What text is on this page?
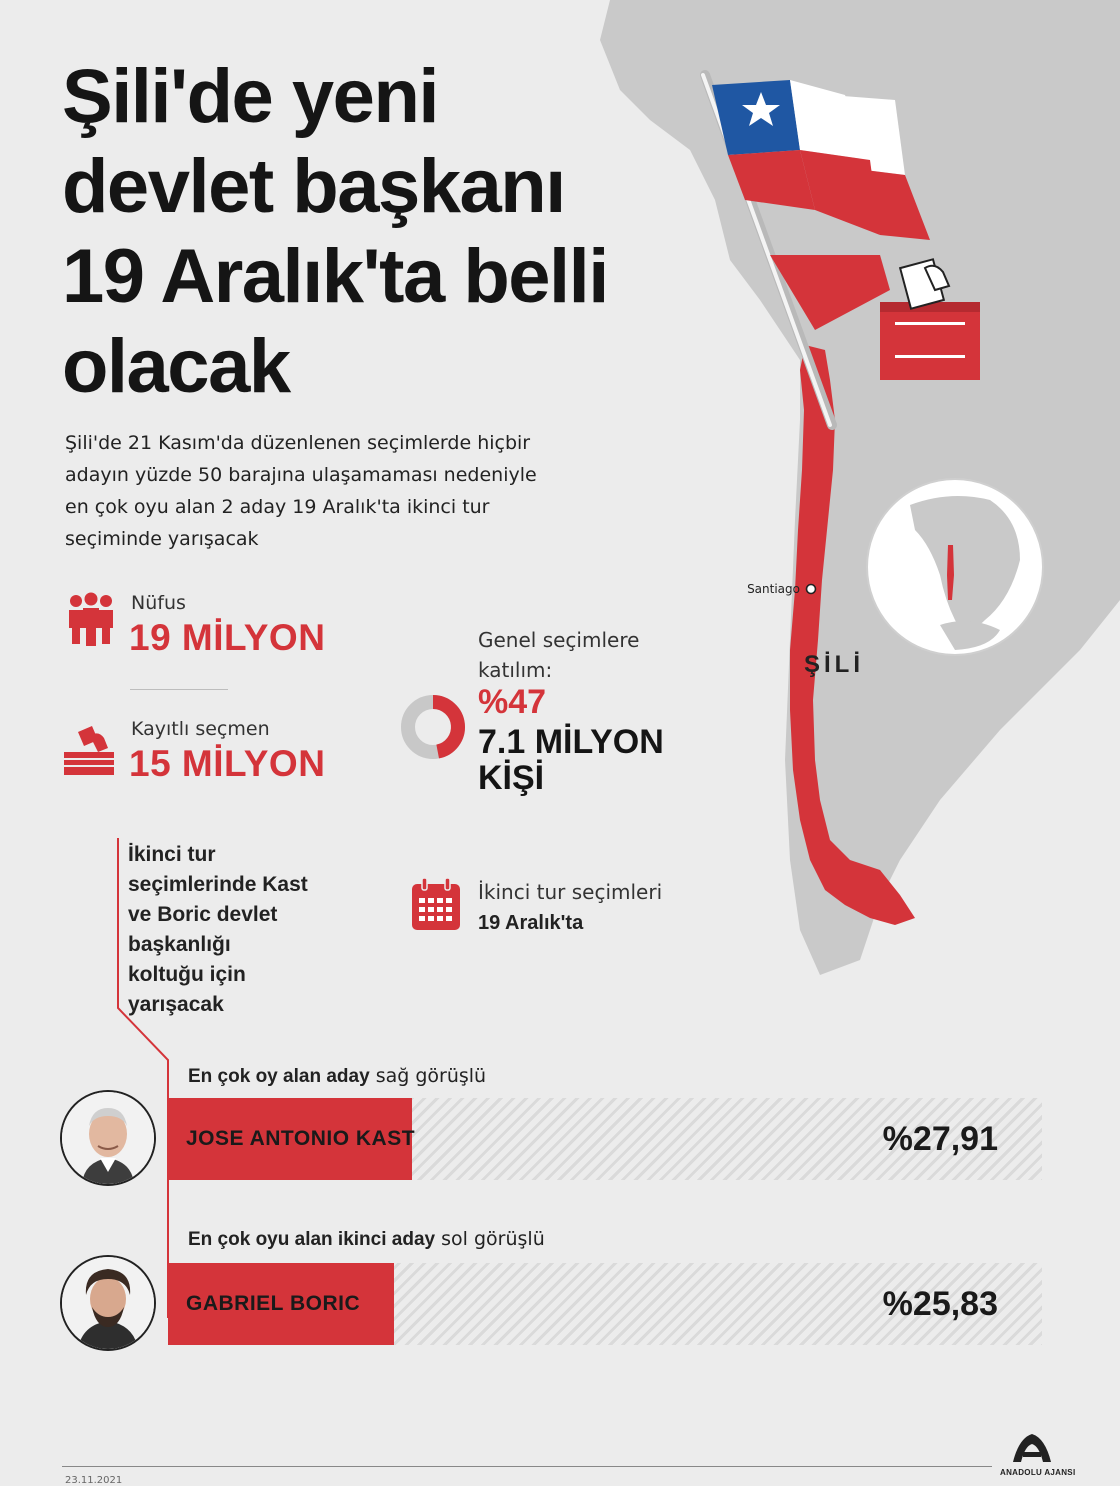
Santiago
ŞİLİ
Şili'de yeni
devlet başkanı
19 Aralık'ta belli
olacak
Şili'de 21 Kasım'da düzenlenen seçimlerde hiçbir
adayın yüzde 50 barajına ulaşamaması nedeniyle
en çok oyu alan 2 aday 19 Aralık'ta ikinci tur
seçiminde yarışacak
Nüfus
19 MİLYON
Kayıtlı seçmen
15 MİLYON
Genel seçimlere
katılım:
%47
7.1 MİLYON
KİŞİ
İkinci tur seçimleri
19 Aralık'ta
İkinci tur
seçimlerinde Kast
ve Boric devlet
başkanlığı
koltuğu için
yarışacak
En çok oy alan aday sağ görüşlü
JOSE ANTONIO KAST	%27,91
En çok oyu alan ikinci aday sol görüşlü
GABRIEL BORIC	%25,83
23.11.2021
ANADOLU AJANSI
